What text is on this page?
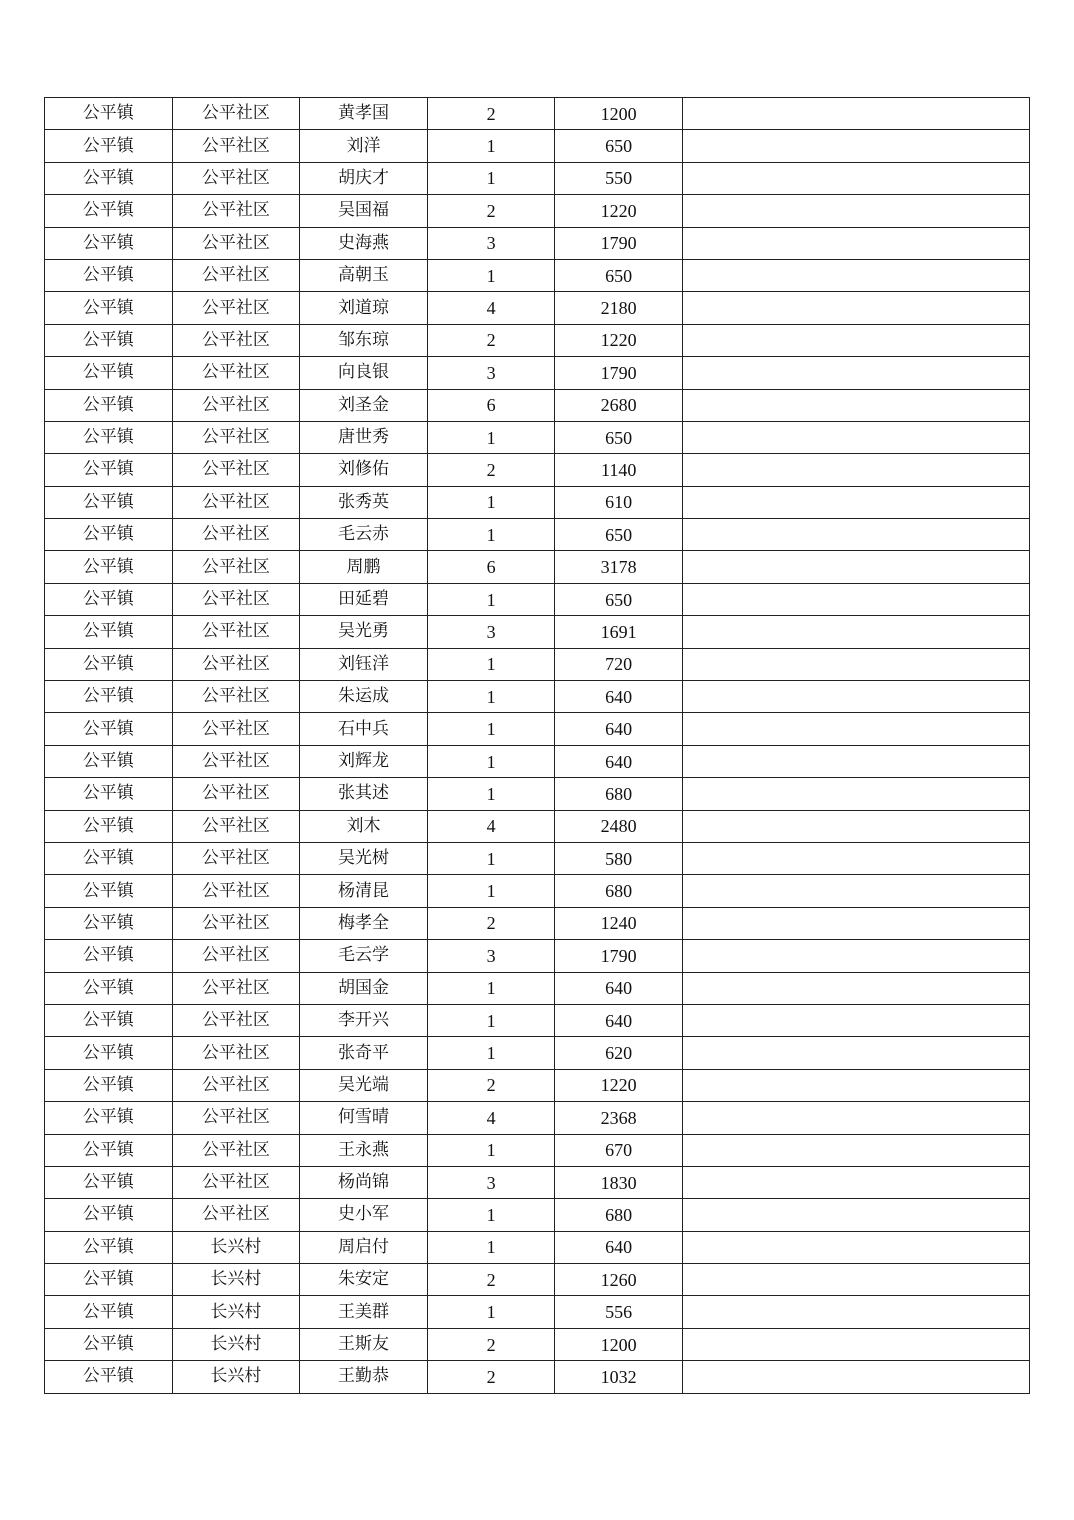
公平镇	公平社区	黄孝国	2	1200	
公平镇	公平社区	刘洋	1	650	
公平镇	公平社区	胡庆才	1	550	
公平镇	公平社区	吴国福	2	1220	
公平镇	公平社区	史海燕	3	1790	
公平镇	公平社区	高朝玉	1	650	
公平镇	公平社区	刘道琼	4	2180	
公平镇	公平社区	邹东琼	2	1220	
公平镇	公平社区	向良银	3	1790	
公平镇	公平社区	刘圣金	6	2680	
公平镇	公平社区	唐世秀	1	650	
公平镇	公平社区	刘修佑	2	1140	
公平镇	公平社区	张秀英	1	610	
公平镇	公平社区	毛云赤	1	650	
公平镇	公平社区	周鹏	6	3178	
公平镇	公平社区	田延碧	1	650	
公平镇	公平社区	吴光勇	3	1691	
公平镇	公平社区	刘钰洋	1	720	
公平镇	公平社区	朱运成	1	640	
公平镇	公平社区	石中兵	1	640	
公平镇	公平社区	刘辉龙	1	640	
公平镇	公平社区	张其述	1	680	
公平镇	公平社区	刘木	4	2480	
公平镇	公平社区	吴光树	1	580	
公平镇	公平社区	杨清昆	1	680	
公平镇	公平社区	梅孝全	2	1240	
公平镇	公平社区	毛云学	3	1790	
公平镇	公平社区	胡国金	1	640	
公平镇	公平社区	李开兴	1	640	
公平镇	公平社区	张奇平	1	620	
公平镇	公平社区	吴光端	2	1220	
公平镇	公平社区	何雪晴	4	2368	
公平镇	公平社区	王永燕	1	670	
公平镇	公平社区	杨尚锦	3	1830	
公平镇	公平社区	史小军	1	680	
公平镇	长兴村	周启付	1	640	
公平镇	长兴村	朱安定	2	1260	
公平镇	长兴村	王美群	1	556	
公平镇	长兴村	王斯友	2	1200	
公平镇	长兴村	王勤恭	2	1032	
